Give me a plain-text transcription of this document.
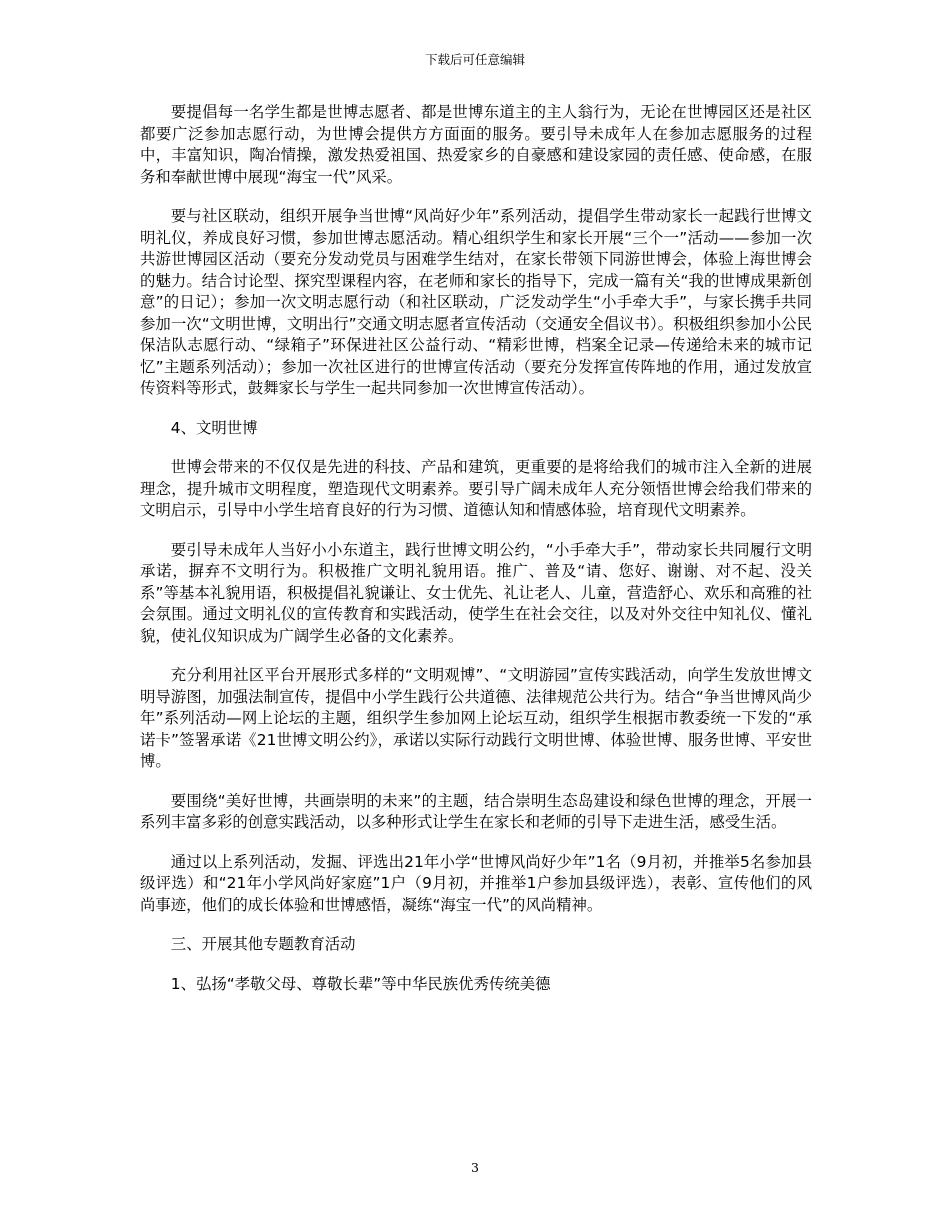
下载后可任意编辑

要提倡每一名学生都是世博志愿者、都是世博东道主的主人翁行为，无论在世博园区还是社区都要广泛参加志愿行动，为世博会提供方方面面的服务。要引导未成年人在参加志愿服务的过程中，丰富知识，陶冶情操，激发热爱祖国、热爱家乡的自豪感和建设家园的责任感、使命感，在服务和奉献世博中展现“海宝一代”风采。

要与社区联动，组织开展争当世博“风尚好少年”系列活动，提倡学生带动家长一起践行世博文明礼仪，养成良好习惯，参加世博志愿活动。精心组织学生和家长开展“三个一”活动——参加一次共游世博园区活动（要充分发动党员与困难学生结对，在家长带领下同游世博会，体验上海世博会的魅力。结合讨论型、探究型课程内容，在老师和家长的指导下，完成一篇有关“我的世博成果新创意”的日记）；参加一次文明志愿行动（和社区联动，广泛发动学生“小手牵大手”，与家长携手共同参加一次“文明世博，文明出行”交通文明志愿者宣传活动（交通安全倡议书）。积极组织参加小公民保洁队志愿行动、“绿箱子”环保进社区公益行动、“精彩世博，档案全记录—传递给未来的城市记忆”主题系列活动）；参加一次社区进行的世博宣传活动（要充分发挥宣传阵地的作用，通过发放宣传资料等形式，鼓舞家长与学生一起共同参加一次世博宣传活动）。

4、文明世博

世博会带来的不仅仅是先进的科技、产品和建筑，更重要的是将给我们的城市注入全新的进展理念，提升城市文明程度，塑造现代文明素养。要引导广阔未成年人充分领悟世博会给我们带来的文明启示，引导中小学生培育良好的行为习惯、道德认知和情感体验，培育现代文明素养。

要引导未成年人当好小小东道主，践行世博文明公约，“小手牵大手”，带动家长共同履行文明承诺，摒弃不文明行为。积极推广文明礼貌用语。推广、普及“请、您好、谢谢、对不起、没关系”等基本礼貌用语，积极提倡礼貌谦让、女士优先、礼让老人、儿童，营造舒心、欢乐和高雅的社会氛围。通过文明礼仪的宣传教育和实践活动，使学生在社会交往，以及对外交往中知礼仪、懂礼貌，使礼仪知识成为广阔学生必备的文化素养。

充分利用社区平台开展形式多样的“文明观博”、“文明游园”宣传实践活动，向学生发放世博文明导游图，加强法制宣传，提倡中小学生践行公共道德、法律规范公共行为。结合“争当世博风尚少年”系列活动—网上论坛的主题，组织学生参加网上论坛互动，组织学生根据市教委统一下发的“承诺卡”签署承诺《21世博文明公约》，承诺以实际行动践行文明世博、体验世博、服务世博、平安世博。

要围绕“美好世博，共画崇明的未来”的主题，结合崇明生态岛建设和绿色世博的理念，开展一系列丰富多彩的创意实践活动，以多种形式让学生在家长和老师的引导下走进生活，感受生活。

通过以上系列活动，发掘、评选出21年小学“世博风尚好少年”1名（9月初，并推举5名参加县级评选）和“21年小学风尚好家庭”1户（9月初，并推举1户参加县级评选），表彰、宣传他们的风尚事迹，他们的成长体验和世博感悟，凝练“海宝一代”的风尚精神。

三、开展其他专题教育活动

1、弘扬“孝敬父母、尊敬长辈”等中华民族优秀传统美德

3
